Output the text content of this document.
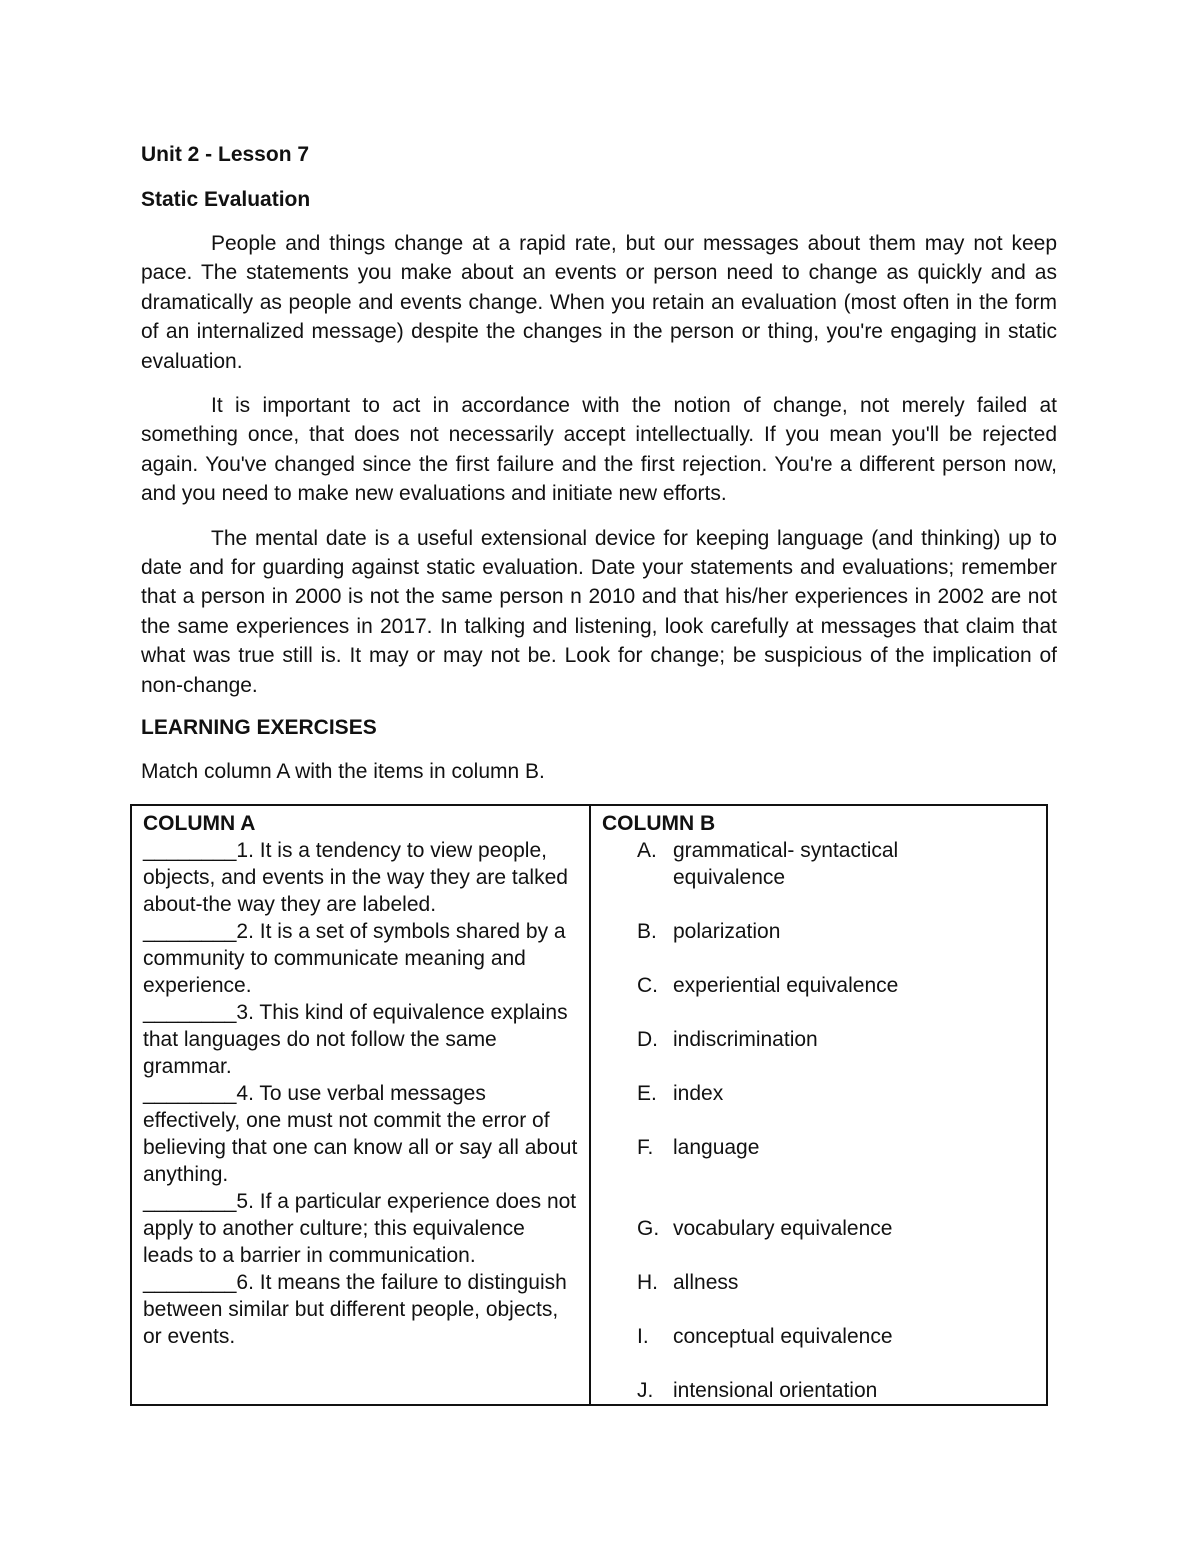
Unit 2 - Lesson 7
Static Evaluation

People and things change at a rapid rate, but our messages about them may not keep pace. The statements you make about an events or person need to change as quickly and as dramatically as people and events change. When you retain an evaluation (most often in the form of an internalized message) despite the changes in the person or thing, you're engaging in static evaluation.

It is important to act in accordance with the notion of change, not merely failed at something once, that does not necessarily accept intellectually. If you mean you'll be rejected again. You've changed since the first failure and the first rejection. You're a different person now, and you need to make new evaluations and initiate new efforts.

The mental date is a useful extensional device for keeping language (and thinking) up to date and for guarding against static evaluation. Date your statements and evaluations; remember that a person in 2000 is not the same person n 2010 and that his/her experiences in 2002 are not the same experiences in 2017. In talking and listening, look carefully at messages that claim that what was true still is. It may or may not be. Look for change; be suspicious of the implication of non-change.

LEARNING EXERCISES

Match column A with the items in column B.

COLUMN A
________1. It is a tendency to view people, objects, and events in the way they are talked about-the way they are labeled.
________2. It is a set of symbols shared by a community to communicate meaning and experience.
________3. This kind of equivalence explains that languages do not follow the same grammar.
________4. To use verbal messages effectively, one must not commit the error of believing that one can know all or say all about anything.
________5. If a particular experience does not apply to another culture; this equivalence leads to a barrier in communication.
________6. It means the failure to distinguish between similar but different people, objects, or events.

COLUMN B
A. grammatical- syntactical equivalence
B. polarization
C. experiential equivalence
D. indiscrimination
E. index
F. language
G. vocabulary equivalence
H. allness
I.	conceptual equivalence
J. intensional orientation
